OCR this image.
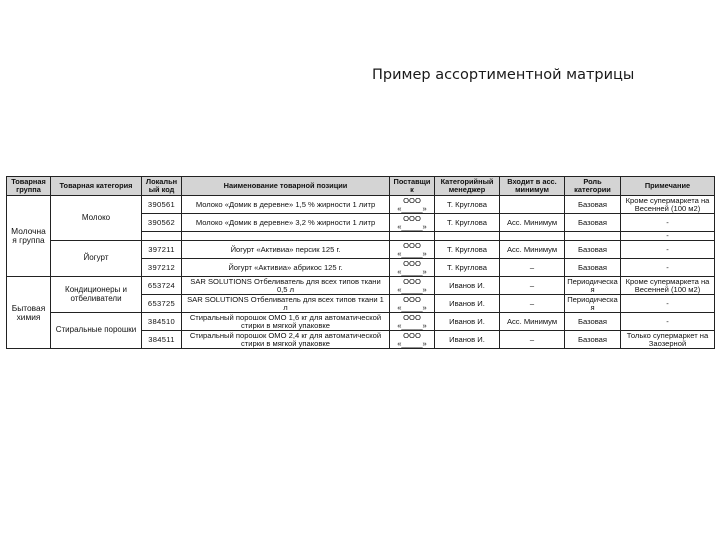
Пример ассортиментной матрицы
Товарная группа	Товарная категория	Локальный код	Наименование товарной позиции	Поставщик	Категорийный менеджер	Входит в асс. минимум	Роль категории	Примечание
Молочная группа	Молоко	390561	Молоко «Домик в деревне» 1,5 % жирности 1 литр	ООО «_____»	Т. Круглова		Базовая	Кроме супермаркета на Весенней (100 м2)
		390562	Молоко «Домик в деревне» 3,2 % жирности 1 литр	ООО «_____»	Т. Круглова	Асс. Минимум	Базовая	-
								-
	Йогурт	397211	Йогурт «Активиа» персик 125 г.	ООО «_____»	Т. Круглова	Асс. Минимум	Базовая	-
		397212	Йогурт «Активиа» абрикос 125 г.	ООО «_____»	Т. Круглова	–	Базовая	-
Бытовая химия	Кондиционеры и отбеливатели	653724	SAR SOLUTIONS Отбеливатель для всех типов ткани 0,5 л	ООО «_____»	Иванов И.	–	Периодическая	Кроме супермаркета на Весенней (100 м2)
		653725	SAR SOLUTIONS Отбеливатель для всех типов ткани 1 л	ООО «_____»	Иванов И.	–	Периодическая	-
	Стиральные порошки	384510	Стиральный порошок ОМО 1,6 кг для автоматической стирки в мягкой упаковке	ООО «_____»	Иванов И.	Асс. Минимум	Базовая	-
		384511	Стиральный порошок ОМО 2,4 кг для автоматической стирки в мягкой упаковке	ООО «_____»	Иванов И.	–	Базовая	Только супермаркет на Заозерной
